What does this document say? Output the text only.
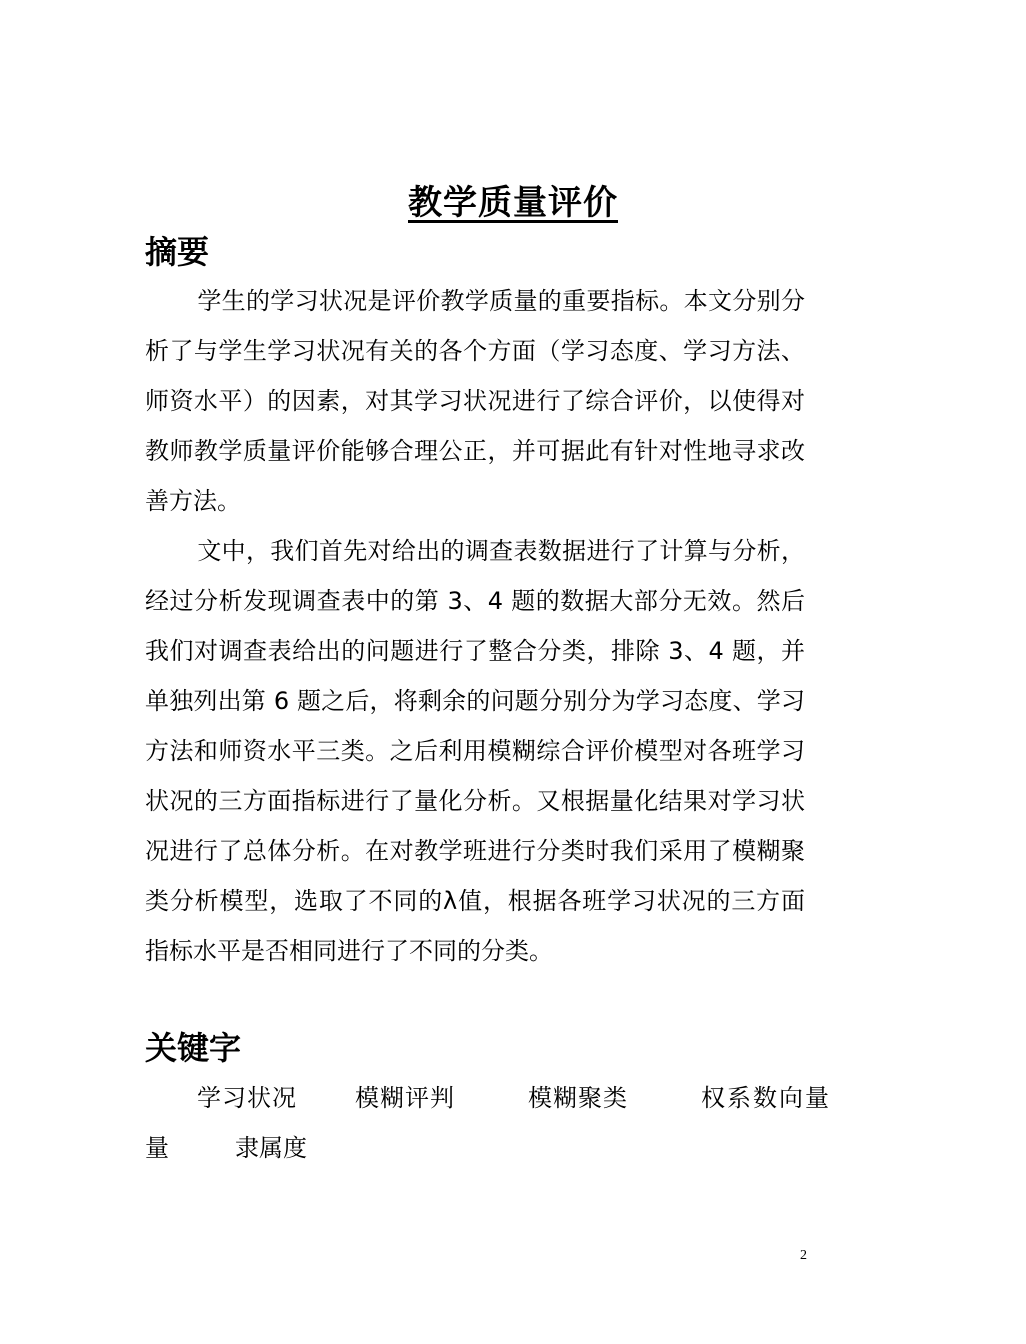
教学质量评价
摘要

学生的学习状况是评价教学质量的重要指标。本文分别分析了与学生学习状况有关的各个方面（学习态度、学习方法、师资水平）的因素，对其学习状况进行了综合评价，以使得对教师教学质量评价能够合理公正，并可据此有针对性地寻求改善方法。

文中，我们首先对给出的调查表数据进行了计算与分析，经过分析发现调查表中的第 3、4 题的数据大部分无效。然后我们对调查表给出的问题进行了整合分类，排除 3、4 题，并单独列出第 6 题之后，将剩余的问题分别分为学习态度、学习方法和师资水平三类。之后利用模糊综合评价模型对各班学习状况的三方面指标进行了量化分析。又根据量化结果对学习状况进行了总体分析。在对教学班进行分类时我们采用了模糊聚类分析模型，选取了不同的λ值，根据各班学习状况的三方面指标水平是否相同进行了不同的分类。

关键字
学习状况 模糊评判	模糊聚类	权系数向量
量	隶属度
2
